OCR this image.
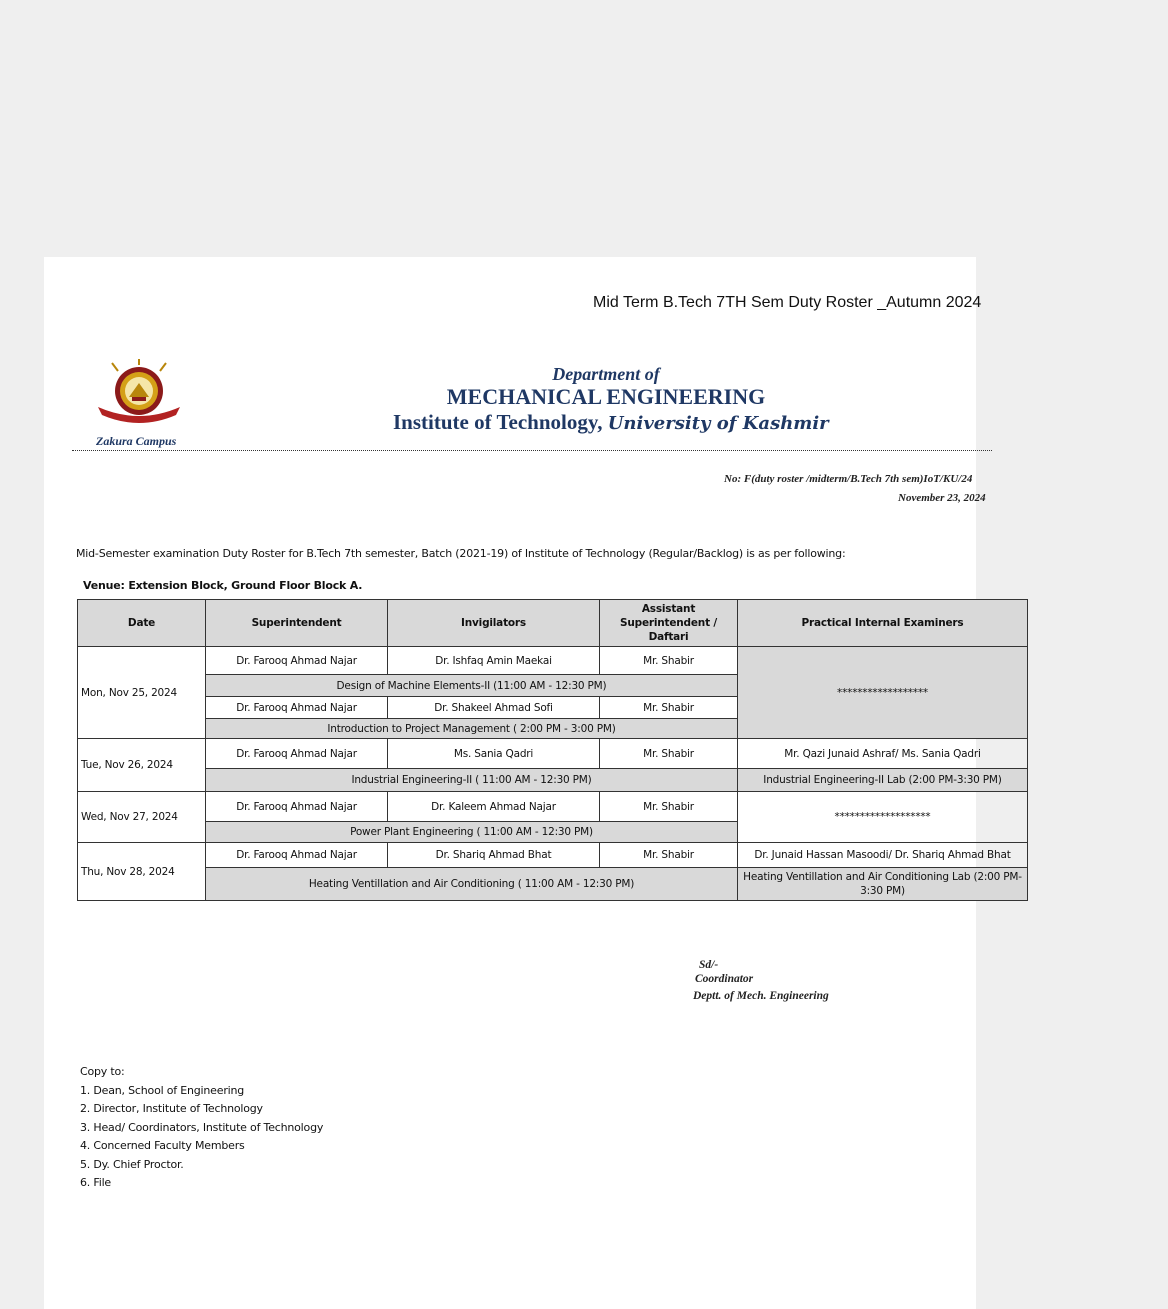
Mid Term B.Tech 7TH Sem Duty Roster _Autumn 2024
Zakura Campus
Department of
MECHANICAL ENGINEERING
Institute of Technology, University of Kashmir
No: F(duty roster /midterm/B.Tech 7th sem)IoT/KU/24
November 23, 2024
Mid-Semester examination Duty Roster for B.Tech 7th semester, Batch (2021-19) of Institute of Technology (Regular/Backlog) is as per following:
Venue: Extension Block, Ground Floor Block A.
Date	Superintendent	Invigilators	Assistant Superintendent / Daftari	Practical Internal Examiners
Mon, Nov 25, 2024	Dr. Farooq Ahmad Najar	Dr. Ishfaq Amin Maekai	Mr. Shabir	******************
	Design of Machine Elements-II (11:00 AM - 12:30 PM)			
	Dr. Farooq Ahmad Najar	Dr. Shakeel Ahmad Sofi	Mr. Shabir	
	Introduction to Project Management ( 2:00 PM - 3:00 PM)			
Tue, Nov 26, 2024	Dr. Farooq Ahmad Najar	Ms. Sania Qadri	Mr. Shabir	Mr. Qazi Junaid Ashraf/ Ms. Sania Qadri
	Industrial Engineering-II ( 11:00 AM - 12:30 PM)			Industrial Engineering-II Lab (2:00 PM-3:30 PM)
Wed, Nov 27, 2024	Dr. Farooq Ahmad Najar	Dr. Kaleem Ahmad Najar	Mr. Shabir	*******************
	Power Plant Engineering ( 11:00 AM - 12:30 PM)			
Thu, Nov 28, 2024	Dr. Farooq Ahmad Najar	Dr. Shariq Ahmad Bhat	Mr. Shabir	Dr. Junaid Hassan Masoodi/ Dr. Shariq Ahmad Bhat
	Heating Ventillation and Air Conditioning ( 11:00 AM - 12:30 PM)			Heating Ventillation and Air Conditioning Lab (2:00 PM-3:30 PM)
Sd/-
Coordinator
Deptt. of Mech. Engineering
Copy to:
1. Dean, School of Engineering
2. Director, Institute of Technology
3. Head/ Coordinators, Institute of Technology
4. Concerned Faculty Members
5. Dy. Chief Proctor.
6. File
